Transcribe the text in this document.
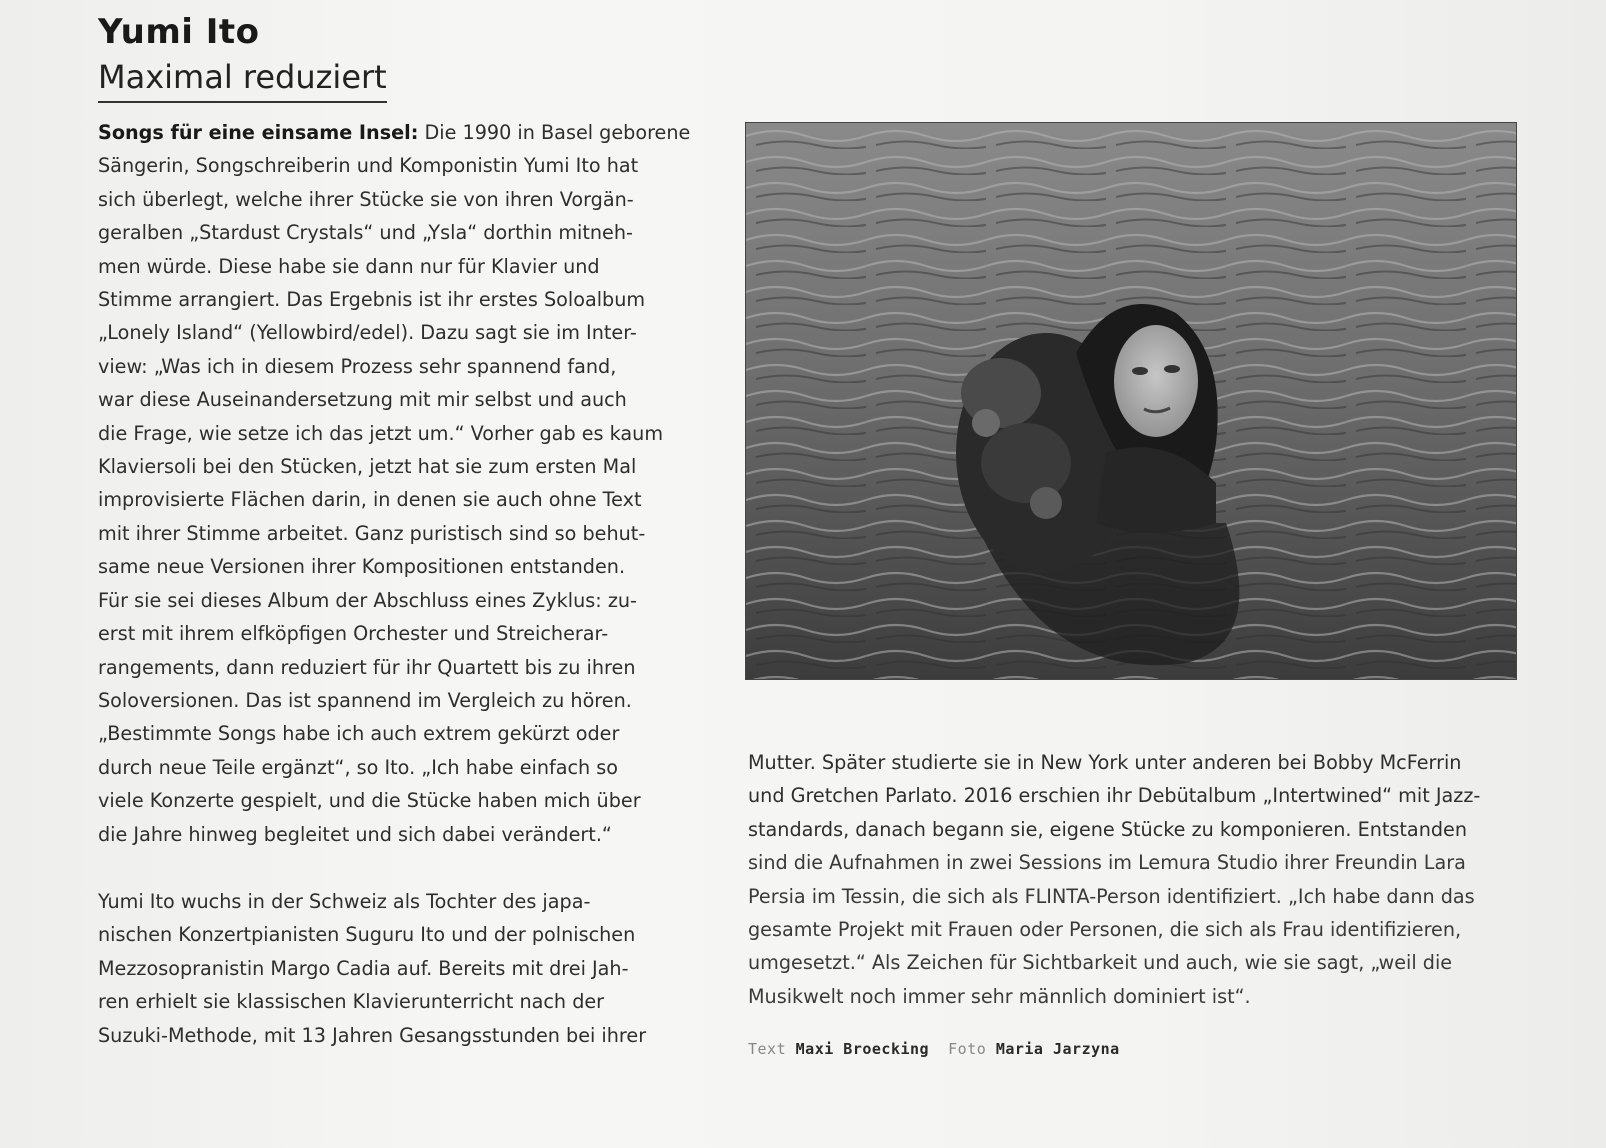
Yumi Ito
Maximal reduziert

Songs für eine einsame Insel: Die 1990 in Basel geborene
Sängerin, Songschreiberin und Komponistin Yumi Ito hat
sich überlegt, welche ihrer Stücke sie von ihren Vorgän-
geralben „Stardust Crystals“ und „Ysla“ dorthin mitneh-
men würde. Diese habe sie dann nur für Klavier und
Stimme arrangiert. Das Ergebnis ist ihr erstes Soloalbum
„Lonely Island“ (Yellowbird/edel). Dazu sagt sie im Inter-
view: „Was ich in diesem Prozess sehr spannend fand,
war diese Auseinandersetzung mit mir selbst und auch
die Frage, wie setze ich das jetzt um.“ Vorher gab es kaum
Klaviersoli bei den Stücken, jetzt hat sie zum ersten Mal
improvisierte Flächen darin, in denen sie auch ohne Text
mit ihrer Stimme arbeitet. Ganz puristisch sind so behut-
same neue Versionen ihrer Kompositionen entstanden.
Für sie sei dieses Album der Abschluss eines Zyklus: zu-
erst mit ihrem elfköpfigen Orchester und Streicherar-
rangements, dann reduziert für ihr Quartett bis zu ihren
Soloversionen. Das ist spannend im Vergleich zu hören.
„Bestimmte Songs habe ich auch extrem gekürzt oder
durch neue Teile ergänzt“, so Ito. „Ich habe einfach so
viele Konzerte gespielt, und die Stücke haben mich über
die Jahre hinweg begleitet und sich dabei verändert.“

Yumi Ito wuchs in der Schweiz als Tochter des japa-
nischen Konzertpianisten Suguru Ito und der polnischen
Mezzosopranistin Margo Cadia auf. Bereits mit drei Jah-
ren erhielt sie klassischen Klavierunterricht nach der
Suzuki-Methode, mit 13 Jahren Gesangsstunden bei ihrer

Mutter. Später studierte sie in New York unter anderen bei Bobby McFerrin
und Gretchen Parlato. 2016 erschien ihr Debütalbum „Intertwined“ mit Jazz-
standards, danach begann sie, eigene Stücke zu komponieren. Entstanden
sind die Aufnahmen in zwei Sessions im Lemura Studio ihrer Freundin Lara
Persia im Tessin, die sich als FLINTA-Person identifiziert. „Ich habe dann das
gesamte Projekt mit Frauen oder Personen, die sich als Frau identifizieren,
umgesetzt.“ Als Zeichen für Sichtbarkeit und auch, wie sie sagt, „weil die
Musikwelt noch immer sehr männlich dominiert ist“.

Text Maxi Broecking Foto Maria Jarzyna
